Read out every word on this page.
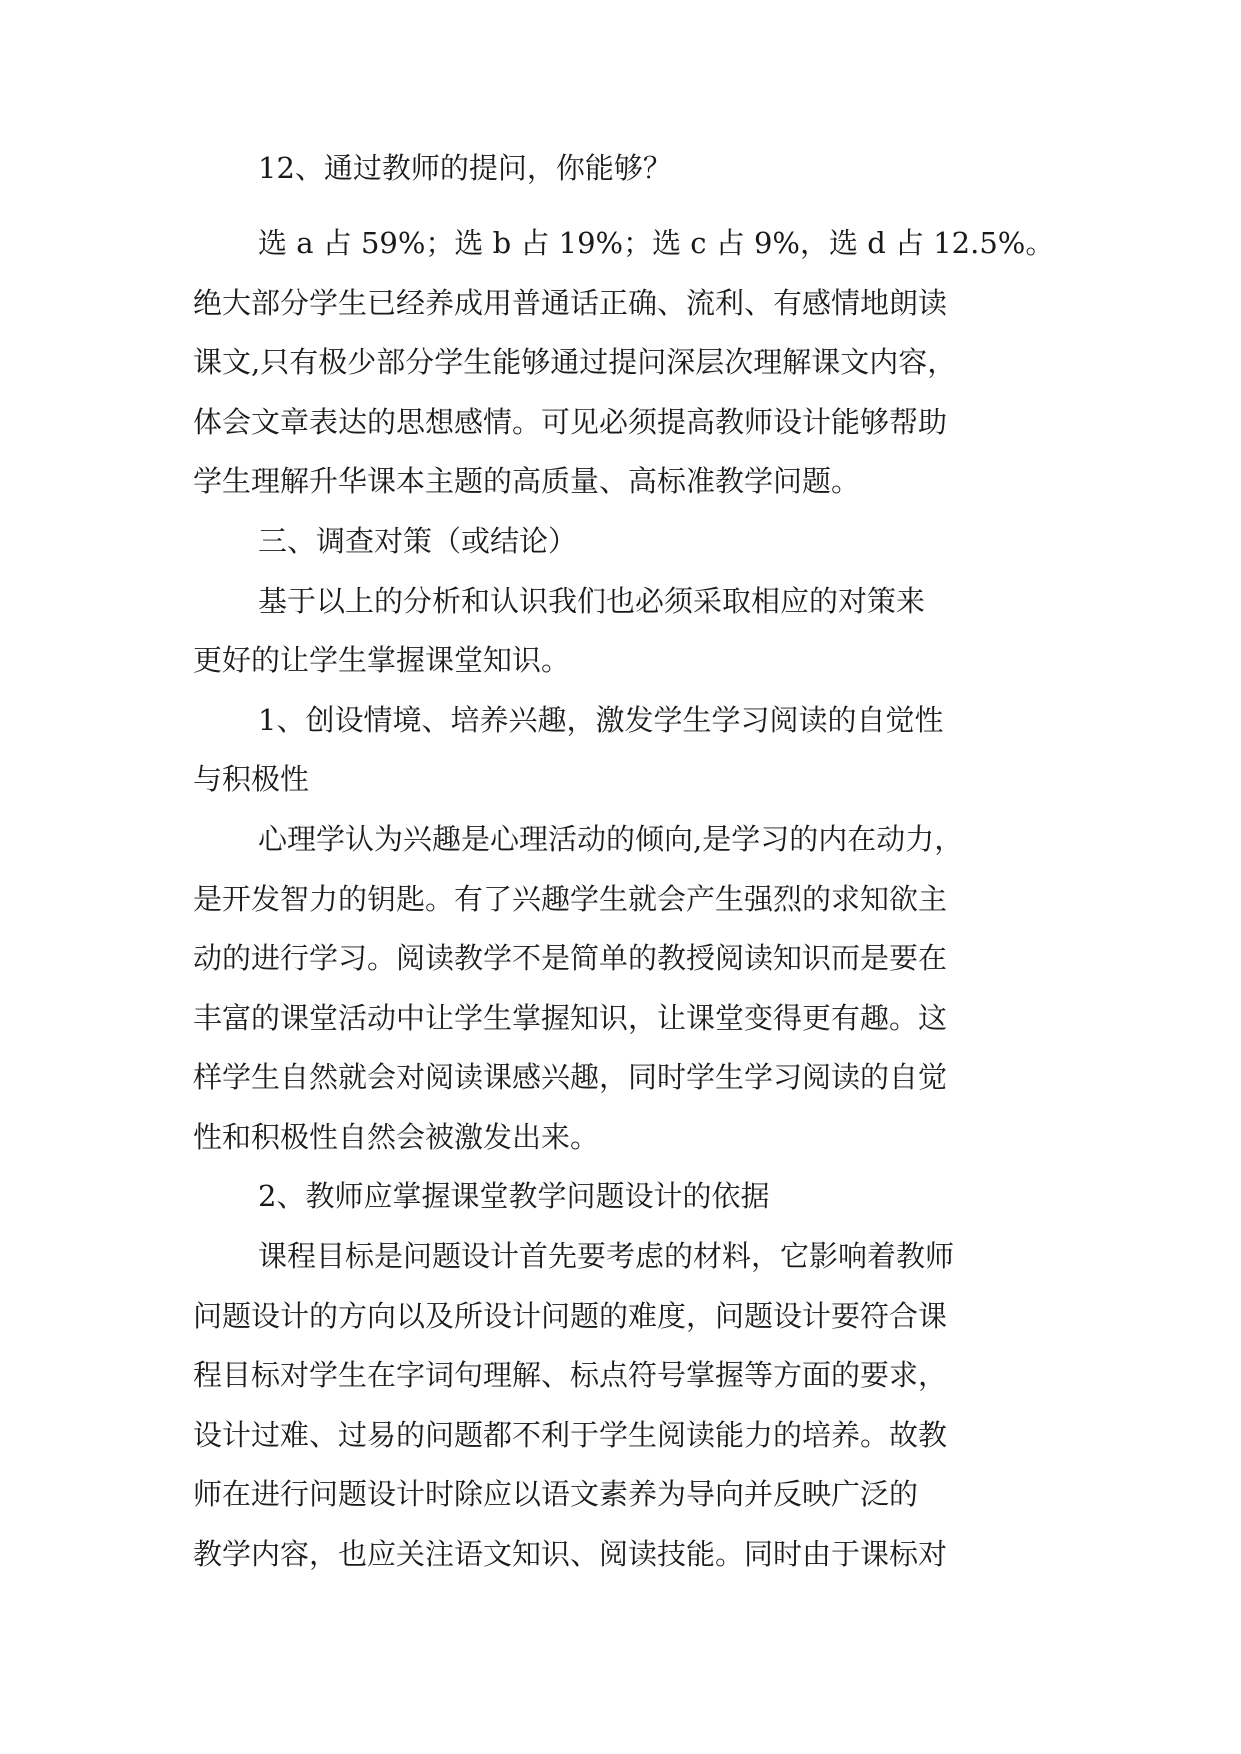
12、通过教师的提问，你能够？
选 a 占 59%；选 b 占 19%；选 c 占 9%，选 d 占 12.5%。
绝大部分学生已经养成用普通话正确、流利、有感情地朗读
课文,只有极少部分学生能够通过提问深层次理解课文内容，
体会文章表达的思想感情。可见必须提高教师设计能够帮助
学生理解升华课本主题的高质量、高标准教学问题。
三、调查对策（或结论）
基于以上的分析和认识我们也必须采取相应的对策来
更好的让学生掌握课堂知识。
1、创设情境、培养兴趣，激发学生学习阅读的自觉性
与积极性
心理学认为兴趣是心理活动的倾向,是学习的内在动力，
是开发智力的钥匙。有了兴趣学生就会产生强烈的求知欲主
动的进行学习。阅读教学不是简单的教授阅读知识而是要在
丰富的课堂活动中让学生掌握知识，让课堂变得更有趣。这
样学生自然就会对阅读课感兴趣，同时学生学习阅读的自觉
性和积极性自然会被激发出来。
2、教师应掌握课堂教学问题设计的依据
课程目标是问题设计首先要考虑的材料，它影响着教师
问题设计的方向以及所设计问题的难度，问题设计要符合课
程目标对学生在字词句理解、标点符号掌握等方面的要求，
设计过难、过易的问题都不利于学生阅读能力的培养。故教
师在进行问题设计时除应以语文素养为导向并反映广泛的
教学内容，也应关注语文知识、阅读技能。同时由于课标对
